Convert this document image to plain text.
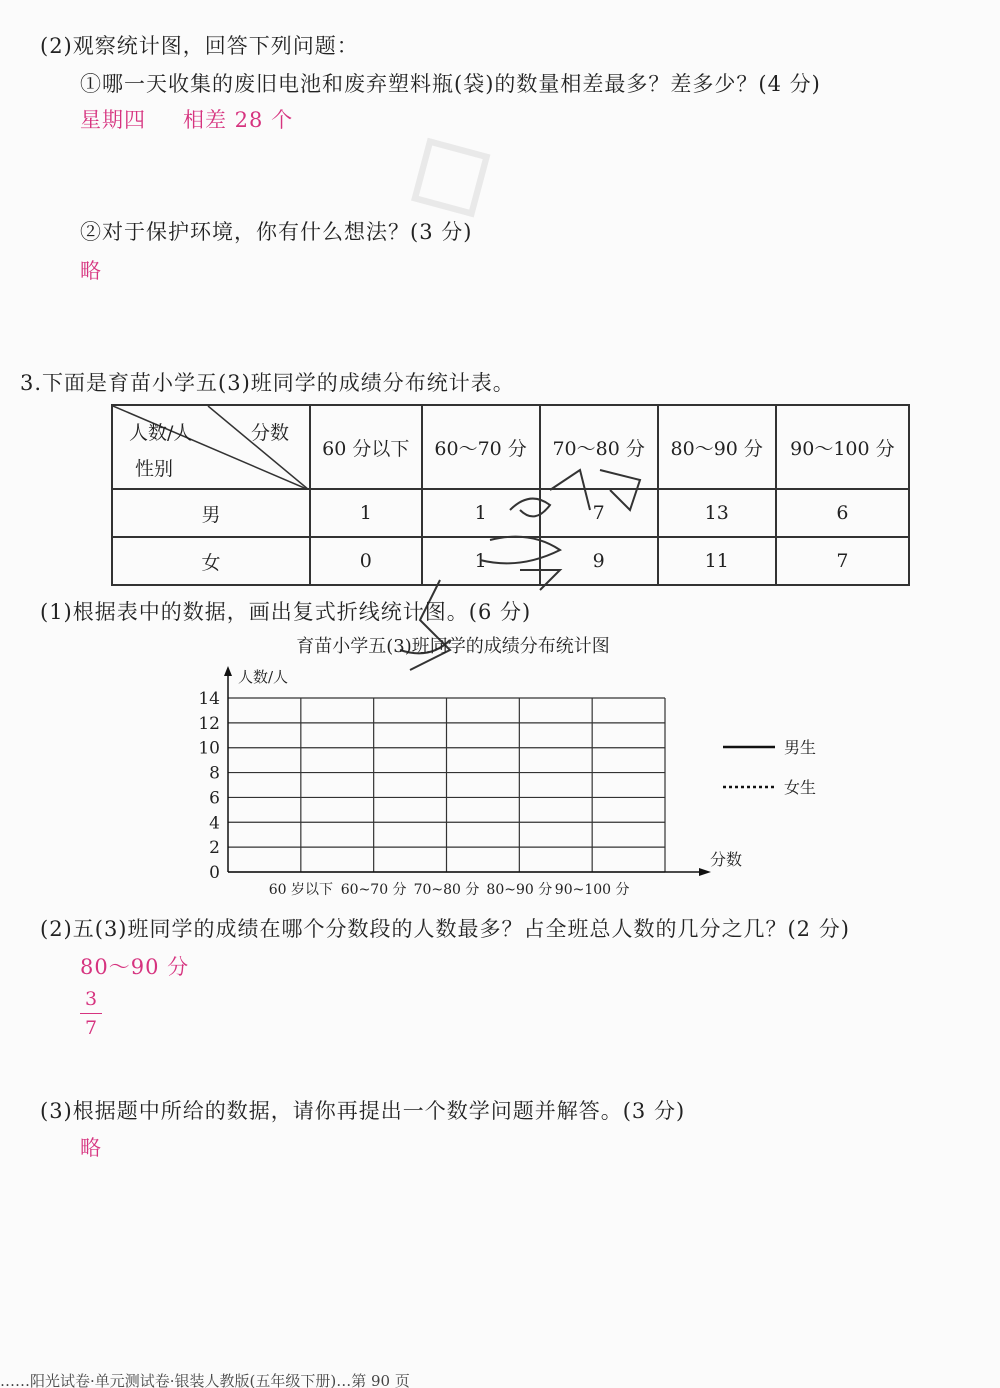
◇
(2)观察统计图，回答下列问题：
①哪一天收集的废旧电池和废弃塑料瓶(袋)的数量相差最多？差多少？(4 分)
星期四 相差 28 个
②对于保护环境，你有什么想法？(3 分)
略
3.下面是育苗小学五(3)班同学的成绩分布统计表。
人数/人 分数
性别	60 分以下	60～70 分	70～80 分	80～90 分	90～100 分
男	1	1	7	13	6
女	0	1	9	11	7
(1)根据表中的数据，画出复式折线统计图。(6 分)
育苗小学五(3)班同学的成绩分布统计图
0
2
4
6
8
10
12
14
60 岁以下 60~70 分 70~80 分 80~90 分 90~100 分
人数/人
分数
男生
女生
(2)五(3)班同学的成绩在哪个分数段的人数最多？占全班总人数的几分之几？(2 分)
80～90 分
3
7
(3)根据题中所给的数据，请你再提出一个数学问题并解答。(3 分)
略
……阳光试卷·单元测试卷·银装人教版(五年级下册)…第 90 页
